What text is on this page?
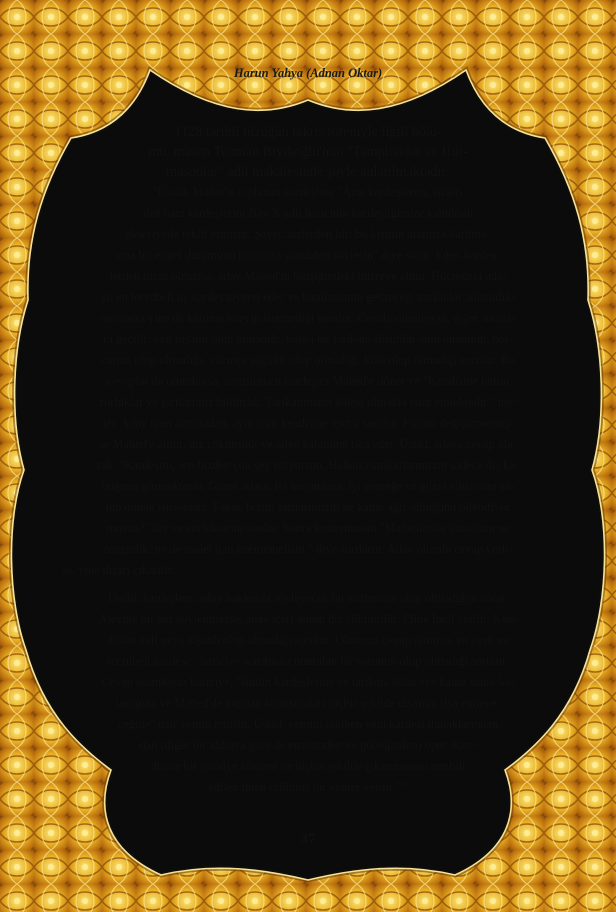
Harun Yahya (Adnan Oktar)
1128 tarihli tüzüğün tekris töreniyle ilgili bölü-
mü, mason Teoman Bıyıkoğlu'nun "Tampliyeler ve Hür-
masonlar" adlı makalesinde şöyle anlatılmaktadır:
"Üstâd, Mâbet'te toplanan kardeşlere "Aziz kardeşlerim, sizler-
den bazı kardeşlerim Bay X adlı haricinin kardeşliğimize kabulünü
ekseriyetle teklif etmiştir. Şayet, sizlerden biri bu kişinin aramıza katılma-
sına bir engel durumunu biliyorsa şimdiden söylesin" diye sorar. Eğer, kardeş-
lerden itiraz olmazsa, aday Mâbed'in bitişiğindeki hücreye alınır. Hücredeki ada-
yı, en tecrübeli üç kardeş ziyaret eder ve katılmasının getireceği zorluklar anlatıldık-
tan sonra yine de katılma isteyip istemediği sorulur. Cevabı olumluysa, diğer sorula-
ra geçilir: evli nişanlı olup olmadığı, başka bir tarikata sözünün olup olmadığı, bor-
cunun olup olmadığı, vücutça sağlıklı olup olmadığı, köle olup olmadığı sorulur. Bu
cevaplar da olumluysa, soruşturucu kardeşler Mâbed'e döner ve "Kendisine bütün
zorluklar ve şartlarımız bildirildi. Tarikatımızın kölesi olmakta ısrar etmektedir." der-
ler. Aday içeri alınmadan, aynı soru kendisine tekrar sorulur. Fikrini değiştirmemiş-
se Mâbed'e alınır, diz çöktürülür ve aday kabulünü rica eder. Üstâd, adaya cevap ola-
rak, "Kardeşim, sen bizden çok şey istiyorsun. Halbuki tarikatlarımızın sadece dış ka-
buğunu görmektesin. Güzel atlara, iyi koşumlara, iyi yemeğe ve güzel elbiselere sa-
hip olmak istiyorsun. Fakat, bizim şartlarımızın ne kadar ağır olduğunu bilebiliyor
musun?" der ve zorluklarını sıralar. Sonra konuşmasını "Mabedimize intisabını ne
zenginlik, ne de asalet için istememelisin." diye sürdürür. Aday olumlu cevap verir-
se, yine dışarı çıkarılır.
Üstâd, kardeşlere, aday hakkında söyleyecek bir sözlerinin olup olmadığını sorar.
Aleyhte bir söz söylenmezse, aday içeri alınıp diz çöktürülür. Eline İncil verilir. Ken-
disine evli veya nişanlı olup olmadığı sorulur. Olumsuz cevap alınırsa, en yaşlı ve
tecrübeli kardeşe , hariciye sorulması unutulan bir sorunun olup olmadığı sorulur.
Cevap olumluysa hariciye, "Bütün kardeşlerine ve tarikata ölünceye kadar sadık ka-
lacağına ve Mâbed'de yapılan konuşmaları hiçbir şekilde dışarıya ifşa etmeye-
ceğine" dair yemin ettirilir. Üstâd, yemini takiben yeni kardeşi dudaklarından
dan (diğer bir iddiaya göre de ensesinden ve göbeğinden) öper. Ken-
disine bir şövalye elbisesi ve hiçbir şekilde çıkarmaması tembih
edilen ipten örülmüş bir kemer verilir."$^{23}$
37
